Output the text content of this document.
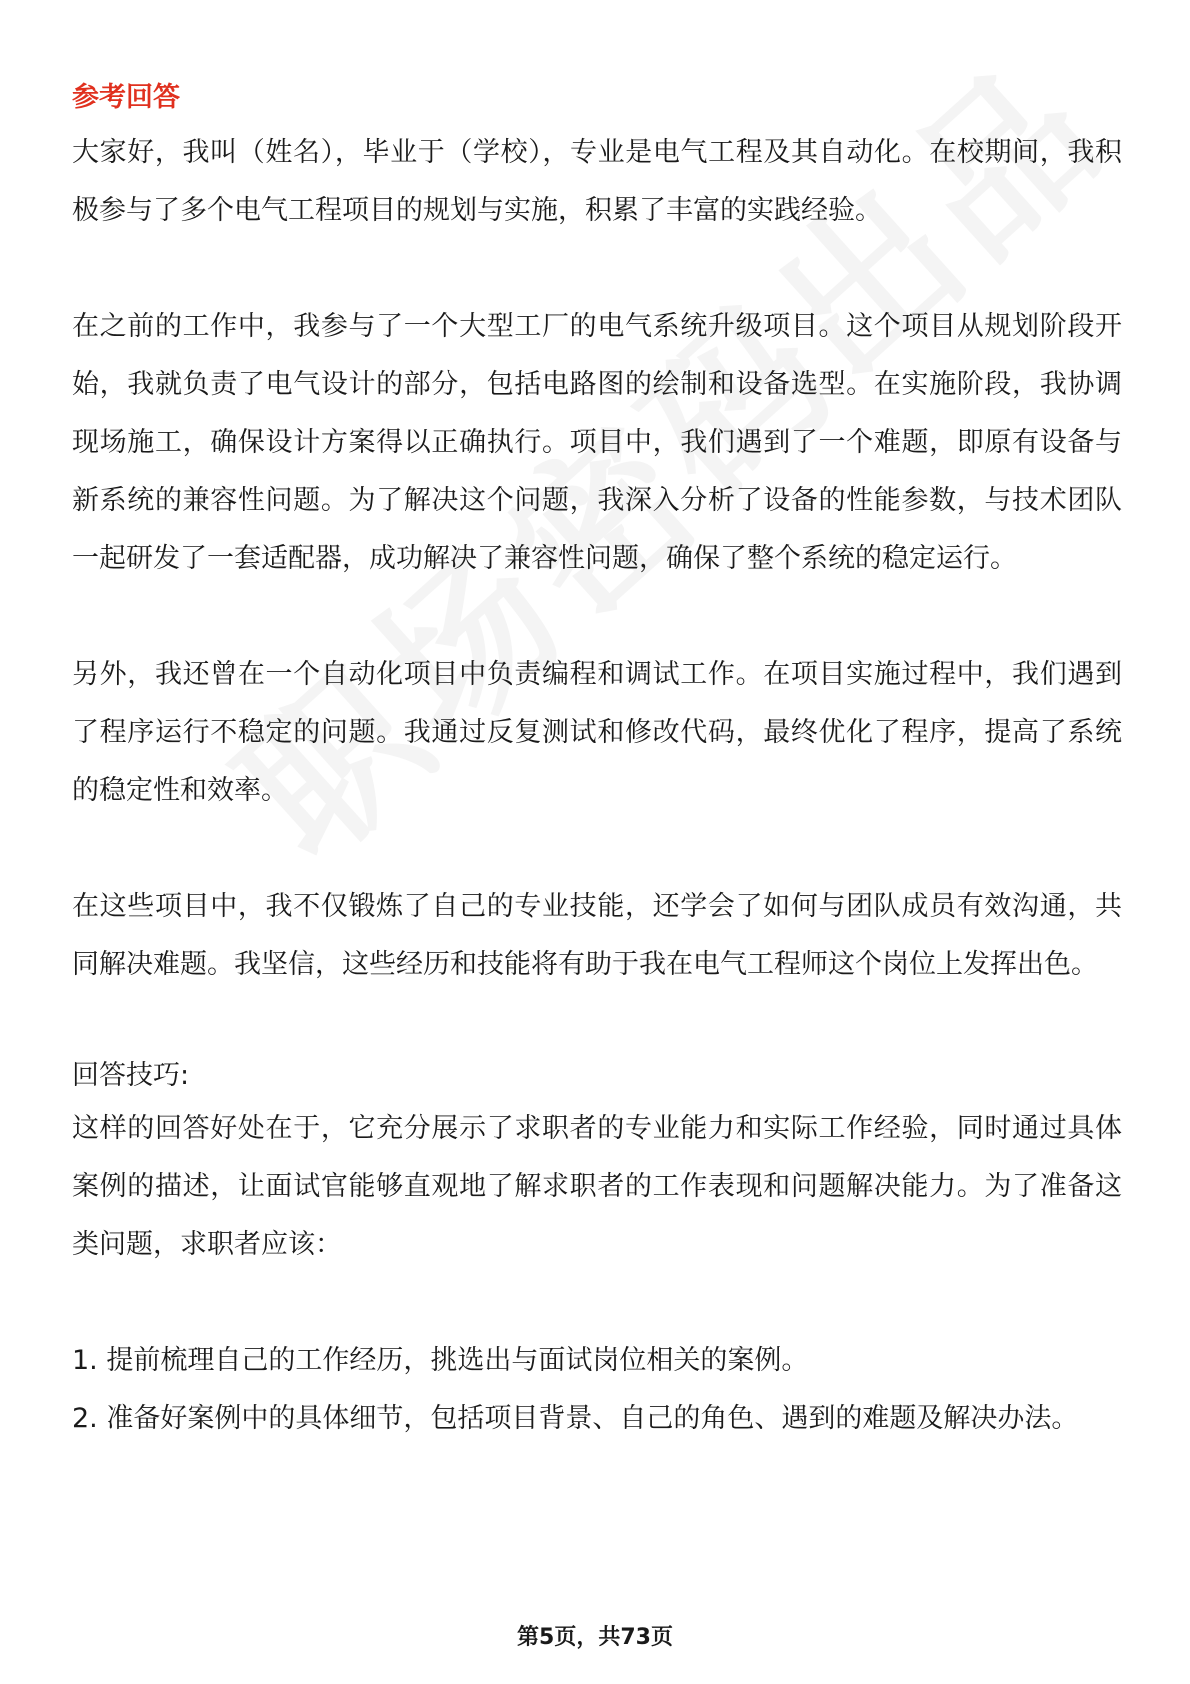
参考回答

大家好，我叫（姓名），毕业于（学校），专业是电气工程及其自动化。在校期间，我积极参与了多个电气工程项目的规划与实施，积累了丰富的实践经验。

在之前的工作中，我参与了一个大型工厂的电气系统升级项目。这个项目从规划阶段开始，我就负责了电气设计的部分，包括电路图的绘制和设备选型。在实施阶段，我协调现场施工，确保设计方案得以正确执行。项目中，我们遇到了一个难题，即原有设备与新系统的兼容性问题。为了解决这个问题，我深入分析了设备的性能参数，与技术团队一起研发了一套适配器，成功解决了兼容性问题，确保了整个系统的稳定运行。

另外，我还曾在一个自动化项目中负责编程和调试工作。在项目实施过程中，我们遇到了程序运行不稳定的问题。我通过反复测试和修改代码，最终优化了程序，提高了系统的稳定性和效率。

在这些项目中，我不仅锻炼了自己的专业技能，还学会了如何与团队成员有效沟通，共同解决难题。我坚信，这些经历和技能将有助于我在电气工程师这个岗位上发挥出色。

回答技巧:

这样的回答好处在于，它充分展示了求职者的专业能力和实际工作经验，同时通过具体案例的描述，让面试官能够直观地了解求职者的工作表现和问题解决能力。为了准备这类问题，求职者应该：

1. 提前梳理自己的工作经历，挑选出与面试岗位相关的案例。

2. 准备好案例中的具体细节，包括项目背景、自己的角色、遇到的难题及解决办法。

第5页，共73页
